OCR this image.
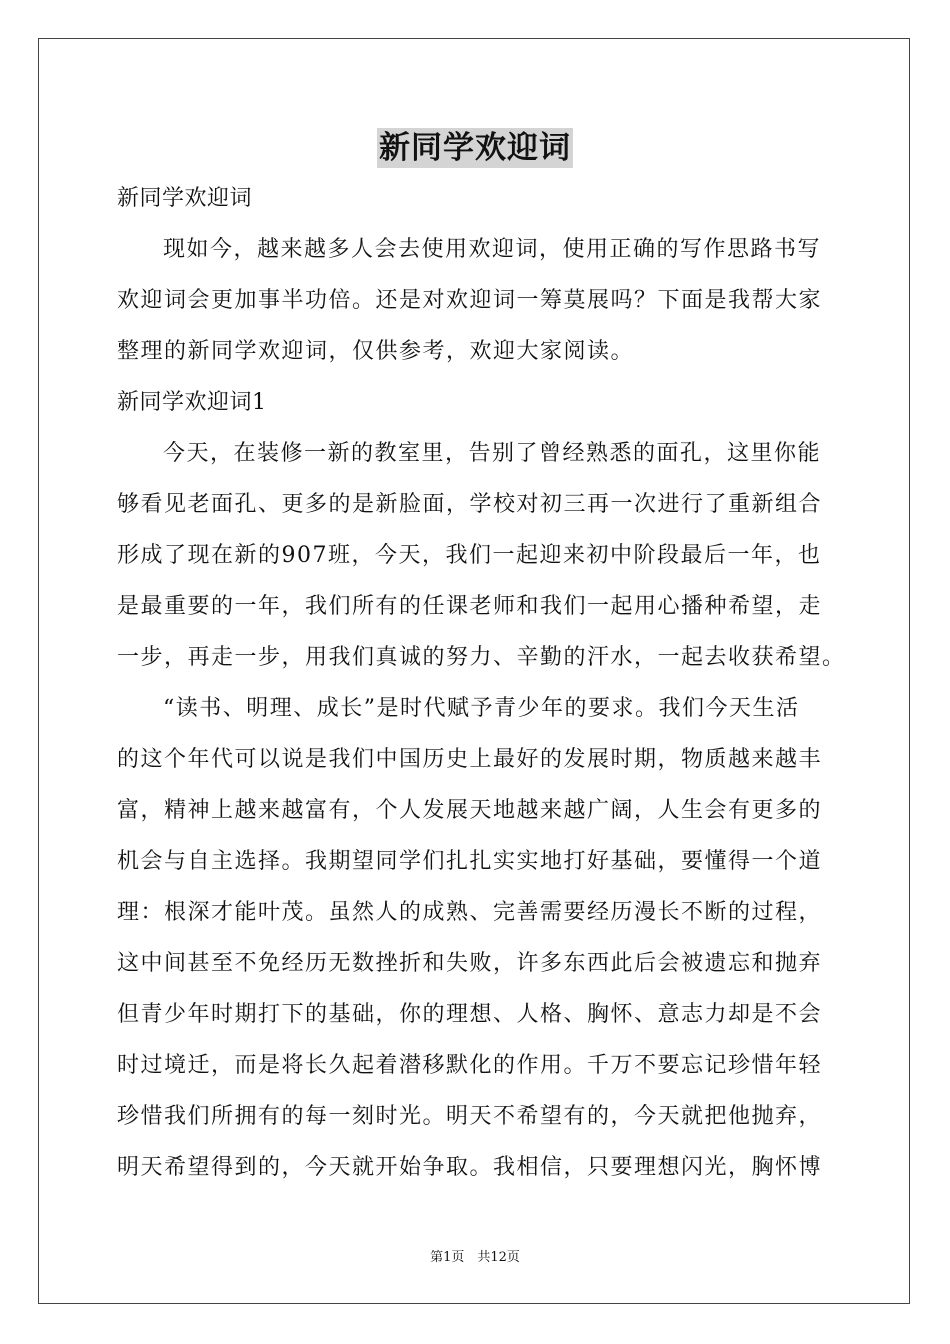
新同学欢迎词
新同学欢迎词
现如今，越来越多人会去使用欢迎词，使用正确的写作思路书写
欢迎词会更加事半功倍。还是对欢迎词一筹莫展吗？下面是我帮大家
整理的新同学欢迎词，仅供参考，欢迎大家阅读。
新同学欢迎词1
今天，在装修一新的教室里，告别了曾经熟悉的面孔，这里你能
够看见老面孔、更多的是新脸面，学校对初三再一次进行了重新组合
形成了现在新的907班，今天，我们一起迎来初中阶段最后一年，也
是最重要的一年，我们所有的任课老师和我们一起用心播种希望，走
一步，再走一步，用我们真诚的努力、辛勤的汗水，一起去收获希望。
“读书、明理、成长”是时代赋予青少年的要求。我们今天生活
的这个年代可以说是我们中国历史上最好的发展时期，物质越来越丰
富，精神上越来越富有，个人发展天地越来越广阔，人生会有更多的
机会与自主选择。我期望同学们扎扎实实地打好基础，要懂得一个道
理：根深才能叶茂。虽然人的成熟、完善需要经历漫长不断的过程，
这中间甚至不免经历无数挫折和失败，许多东西此后会被遗忘和抛弃
但青少年时期打下的基础，你的理想、人格、胸怀、意志力却是不会
时过境迁，而是将长久起着潜移默化的作用。千万不要忘记珍惜年轻
珍惜我们所拥有的每一刻时光。明天不希望有的，今天就把他抛弃，
明天希望得到的，今天就开始争取。我相信，只要理想闪光，胸怀博
第1页　共12页
